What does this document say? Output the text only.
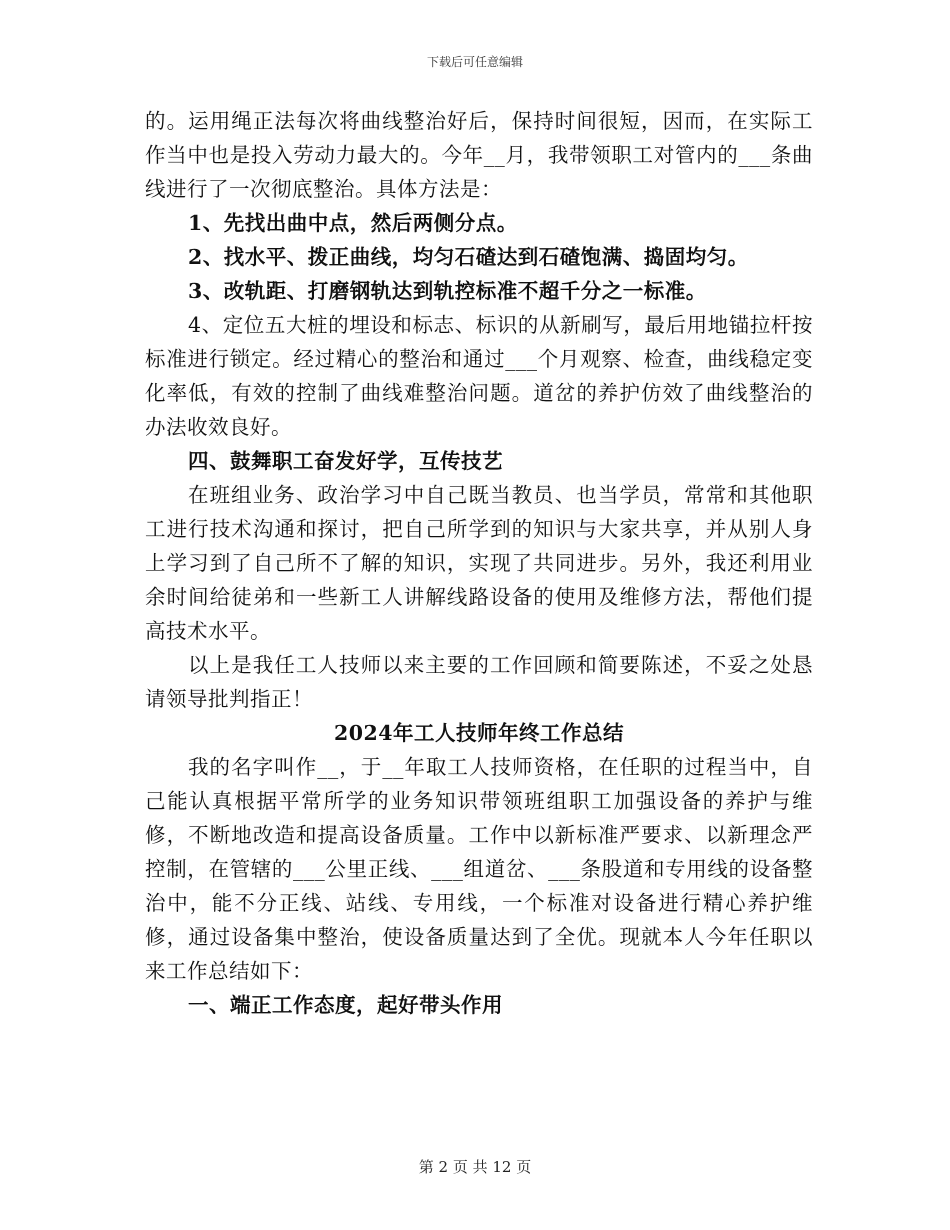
下载后可任意编辑

的。运用绳正法每次将曲线整治好后，保持时间很短，因而，在实际工作当中也是投入劳动力最大的。今年__月，我带领职工对管内的___条曲线进行了一次彻底整治。具体方法是：

1、先找出曲中点，然后两侧分点。

2、找水平、拨正曲线，均匀石碴达到石碴饱满、捣固均匀。

3、改轨距、打磨钢轨达到轨控标准不超千分之一标准。

4、定位五大桩的埋设和标志、标识的从新刷写，最后用地锚拉杆按标准进行锁定。经过精心的整治和通过___个月观察、检查，曲线稳定变化率低，有效的控制了曲线难整治问题。道岔的养护仿效了曲线整治的办法收效良好。

四、鼓舞职工奋发好学，互传技艺

在班组业务、政治学习中自己既当教员、也当学员，常常和其他职工进行技术沟通和探讨，把自己所学到的知识与大家共享，并从别人身上学习到了自己所不了解的知识，实现了共同进步。另外，我还利用业余时间给徒弟和一些新工人讲解线路设备的使用及维修方法，帮他们提高技术水平。

以上是我任工人技师以来主要的工作回顾和简要陈述，不妥之处恳请领导批判指正！

2024年工人技师年终工作总结

我的名字叫作__，于__年取工人技师资格，在任职的过程当中，自己能认真根据平常所学的业务知识带领班组职工加强设备的养护与维修，不断地改造和提高设备质量。工作中以新标准严要求、以新理念严控制，在管辖的___公里正线、___组道岔、___条股道和专用线的设备整治中，能不分正线、站线、专用线，一个标准对设备进行精心养护维修，通过设备集中整治，使设备质量达到了全优。现就本人今年任职以来工作总结如下：

一、端正工作态度，起好带头作用

第 2 页 共 12 页
